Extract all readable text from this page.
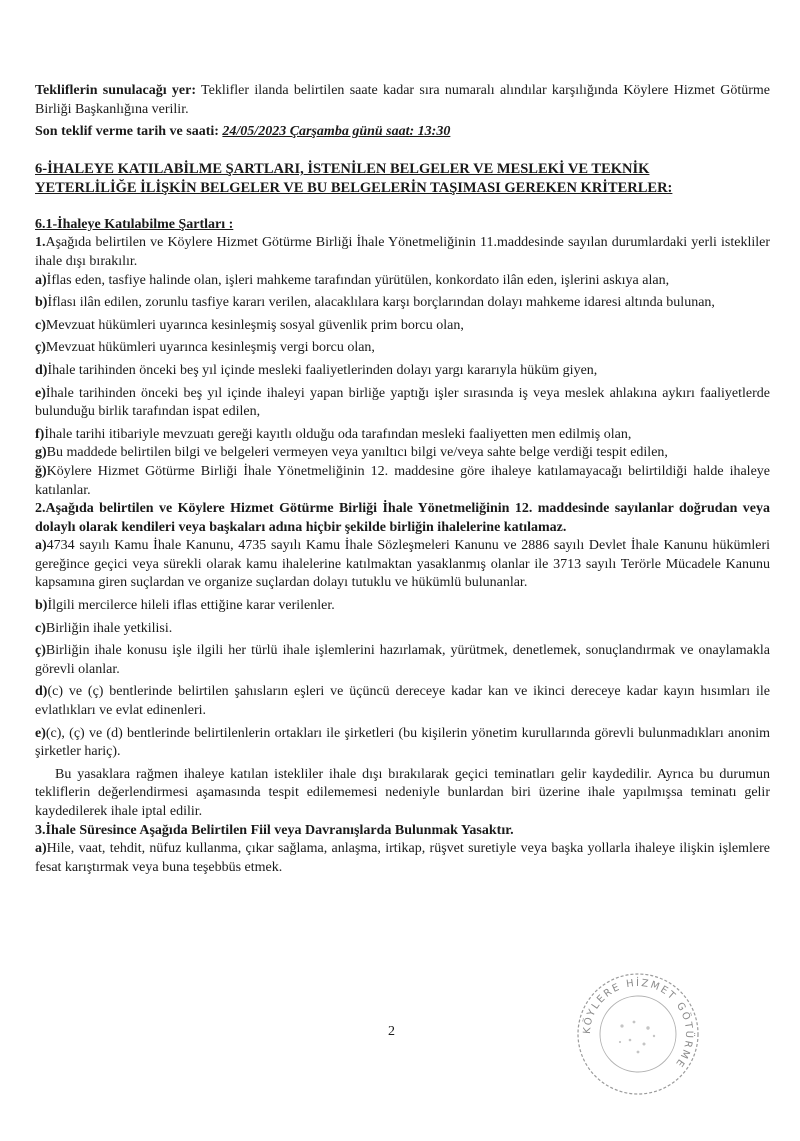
Tekliflerin sunulacağı yer: Teklifler ilanda belirtilen saate kadar sıra numaralı alındılar karşılığında Köylere Hizmet Götürme Birliği Başkanlığına verilir.

Son teklif verme tarih ve saati: 24/05/2023 Çarşamba günü saat: 13:30

6-İHALEYE KATILABİLME ŞARTLARI, İSTENİLEN BELGELER VE MESLEKİ VE TEKNİK
YETERLİLİĞE İLİŞKİN BELGELER VE BU BELGELERİN TAŞIMASI GEREKEN KRİTERLER:

6.1-İhaleye Katılabilme Şartları :

1.Aşağıda belirtilen ve Köylere Hizmet Götürme Birliği İhale Yönetmeliğinin 11.maddesinde sayılan durumlardaki yerli istekliler ihale dışı bırakılır.

a)İflas eden, tasfiye halinde olan, işleri mahkeme tarafından yürütülen, konkordato ilân eden, işlerini askıya alan,

b)İflası ilân edilen, zorunlu tasfiye kararı verilen, alacaklılara karşı borçlarından dolayı mahkeme idaresi altında bulunan,

c)Mevzuat hükümleri uyarınca kesinleşmiş sosyal güvenlik prim borcu olan,

ç)Mevzuat hükümleri uyarınca kesinleşmiş vergi borcu olan,

d)İhale tarihinden önceki beş yıl içinde mesleki faaliyetlerinden dolayı yargı kararıyla hüküm giyen,

e)İhale tarihinden önceki beş yıl içinde ihaleyi yapan birliğe yaptığı işler sırasında iş veya meslek ahlakına aykırı faaliyetlerde bulunduğu birlik tarafından ispat edilen,

f)İhale tarihi itibariyle mevzuatı gereği kayıtlı olduğu oda tarafından mesleki faaliyetten men edilmiş olan,

g)Bu maddede belirtilen bilgi ve belgeleri vermeyen veya yanıltıcı bilgi ve/veya sahte belge verdiği tespit edilen,

ğ)Köylere Hizmet Götürme Birliği İhale Yönetmeliğinin 12. maddesine göre ihaleye katılamayacağı belirtildiği halde ihaleye katılanlar.

2.Aşağıda belirtilen ve Köylere Hizmet Götürme Birliği İhale Yönetmeliğinin 12. maddesinde sayılanlar doğrudan veya dolaylı olarak kendileri veya başkaları adına hiçbir şekilde birliğin ihalelerine katılamaz.

a)4734 sayılı Kamu İhale Kanunu, 4735 sayılı Kamu İhale Sözleşmeleri Kanunu ve 2886 sayılı Devlet İhale Kanunu hükümleri gereğince geçici veya sürekli olarak kamu ihalelerine katılmaktan yasaklanmış olanlar ile 3713 sayılı Terörle Mücadele Kanunu kapsamına giren suçlardan ve organize suçlardan dolayı tutuklu ve hükümlü bulunanlar.

b)İlgili mercilerce hileli iflas ettiğine karar verilenler.

c)Birliğin ihale yetkilisi.

ç)Birliğin ihale konusu işle ilgili her türlü ihale işlemlerini hazırlamak, yürütmek, denetlemek, sonuçlandırmak ve onaylamakla görevli olanlar.

d)(c) ve (ç) bentlerinde belirtilen şahısların eşleri ve üçüncü dereceye kadar kan ve ikinci dereceye kadar kayın hısımları ile evlatlıkları ve evlat edinenleri.

e)(c), (ç) ve (d) bentlerinde belirtilenlerin ortakları ile şirketleri (bu kişilerin yönetim kurullarında görevli bulunmadıkları anonim şirketler hariç).

Bu yasaklara rağmen ihaleye katılan istekliler ihale dışı bırakılarak geçici teminatları gelir kaydedilir. Ayrıca bu durumun tekliflerin değerlendirmesi aşamasında tespit edilememesi nedeniyle bunlardan biri üzerine ihale yapılmışsa teminatı gelir kaydedilerek ihale iptal edilir.

3.İhale Süresince Aşağıda Belirtilen Fiil veya Davranışlarda Bulunmak Yasaktır.

a)Hile, vaat, tehdit, nüfuz kullanma, çıkar sağlama, anlaşma, irtikap, rüşvet suretiyle veya başka yollarla ihaleye ilişkin işlemlere fesat karıştırmak veya buna teşebbüs etmek.

2	KÖYLERE HİZMET GÖTÜRME
